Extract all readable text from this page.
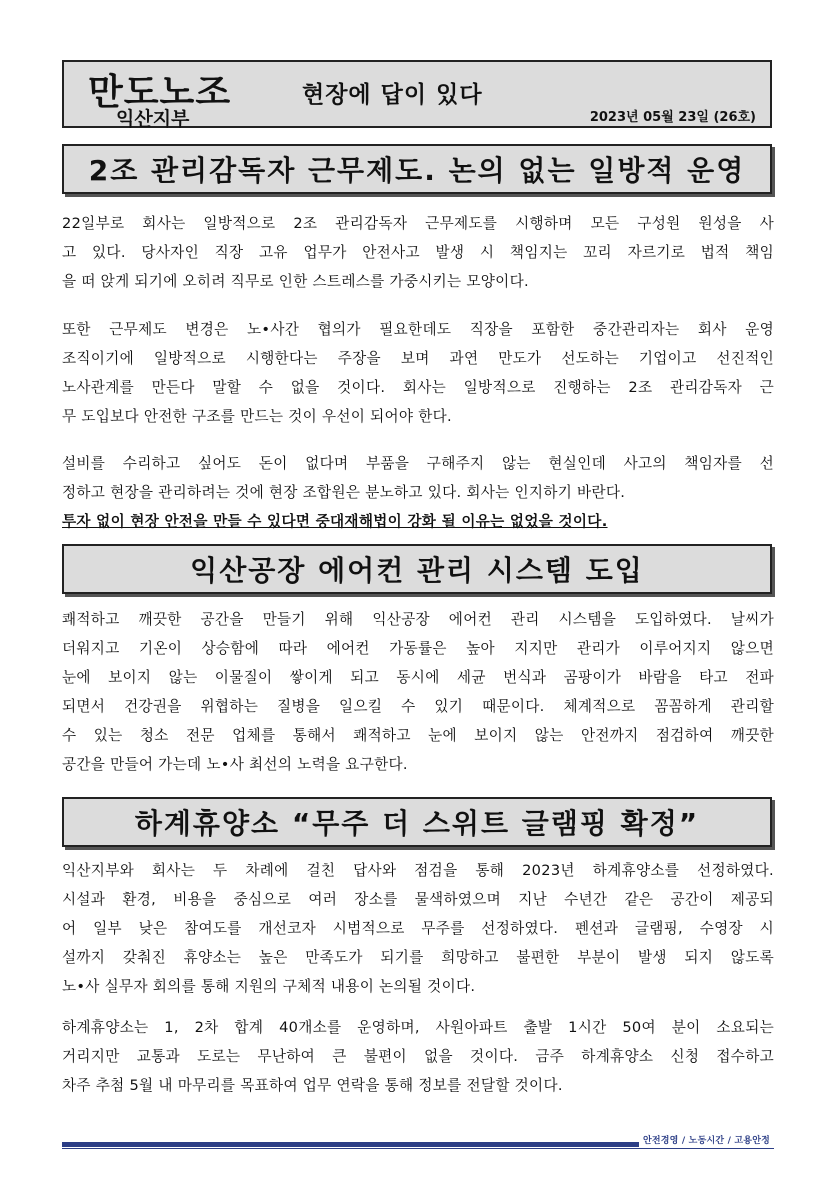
만도노조
익산지부
현장에 답이 있다
2023년 05월 23일 (26호)
2조 관리감독자 근무제도. 논의 없는 일방적 운영
22일부로 회사는 일방적으로 2조 관리감독자 근무제도를 시행하며 모든 구성원 원성을 사
고 있다. 당사자인 직장 고유 업무가 안전사고 발생 시 책임지는 꼬리 자르기로 법적 책임
을 떠 앉게 되기에 오히려 직무로 인한 스트레스를 가중시키는 모양이다.
또한 근무제도 변경은 노•사간 협의가 필요한데도 직장을 포함한 중간관리자는 회사 운영
조직이기에 일방적으로 시행한다는 주장을 보며 과연 만도가 선도하는 기업이고 선진적인
노사관계를 만든다 말할 수 없을 것이다. 회사는 일방적으로 진행하는 2조 관리감독자 근
무 도입보다 안전한 구조를 만드는 것이 우선이 되어야 한다.
설비를 수리하고 싶어도 돈이 없다며 부품을 구해주지 않는 현실인데 사고의 책임자를 선
정하고 현장을 관리하려는 것에 현장 조합원은 분노하고 있다. 회사는 인지하기 바란다.
투자 없이 현장 안전을 만들 수 있다면 중대재해법이 강화 될 이유는 없었을 것이다.
익산공장 에어컨 관리 시스템 도입
쾌적하고 깨끗한 공간을 만들기 위해 익산공장 에어컨 관리 시스템을 도입하였다. 날씨가
더워지고 기온이 상승함에 따라 에어컨 가동률은 높아 지지만 관리가 이루어지지 않으면
눈에 보이지 않는 이물질이 쌓이게 되고 동시에 세균 번식과 곰팡이가 바람을 타고 전파
되면서 건강권을 위협하는 질병을 일으킬 수 있기 때문이다. 체계적으로 꼼꼼하게 관리할
수 있는 청소 전문 업체를 통해서 쾌적하고 눈에 보이지 않는 안전까지 점검하여 깨끗한
공간을 만들어 가는데 노•사 최선의 노력을 요구한다.
하계휴양소 “무주 더 스위트 글램핑 확정”
익산지부와 회사는 두 차례에 걸친 답사와 점검을 통해 2023년 하계휴양소를 선정하였다.
시설과 환경, 비용을 중심으로 여러 장소를 물색하였으며 지난 수년간 같은 공간이 제공되
어 일부 낮은 참여도를 개선코자 시범적으로 무주를 선정하였다. 펜션과 글램핑, 수영장 시
설까지 갖춰진 휴양소는 높은 만족도가 되기를 희망하고 불편한 부분이 발생 되지 않도록
노•사 실무자 회의를 통해 지원의 구체적 내용이 논의될 것이다.
하계휴양소는 1, 2차 합계 40개소를 운영하며, 사원아파트 출발 1시간 50여 분이 소요되는
거리지만 교통과 도로는 무난하여 큰 불편이 없을 것이다. 금주 하계휴양소 신청 접수하고
차주 추첨 5월 내 마무리를 목표하여 업무 연락을 통해 정보를 전달할 것이다.
안전경영 / 노동시간 / 고용안정
